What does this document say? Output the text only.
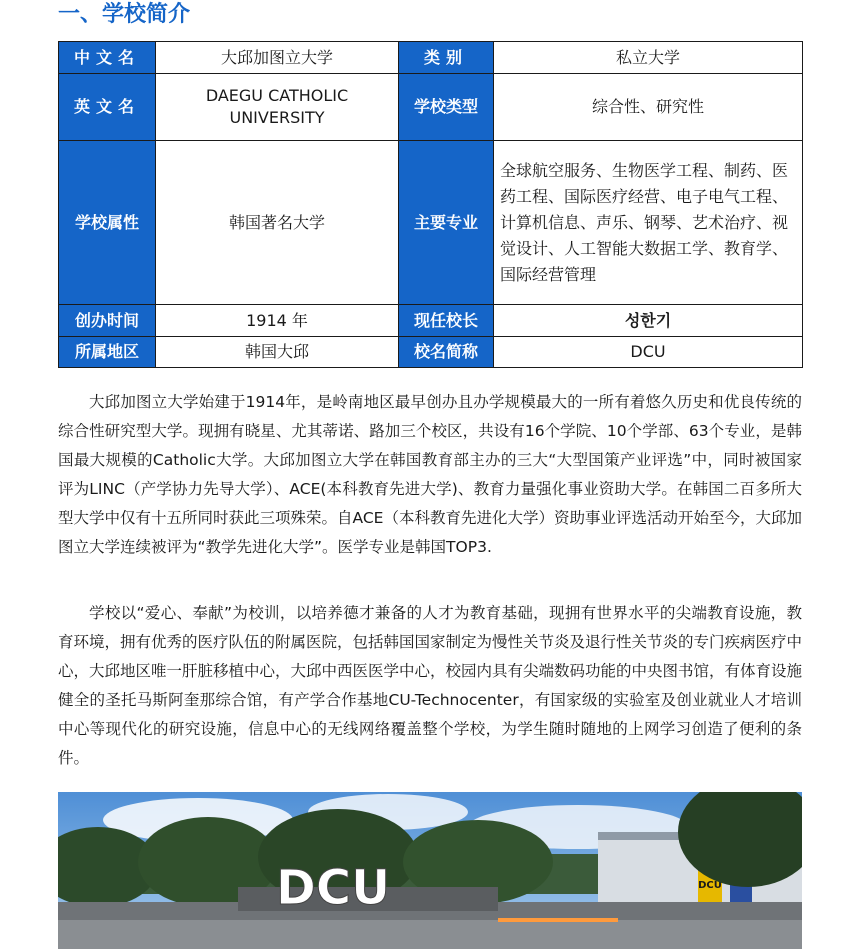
一、学校简介
中文名	大邱加图立大学	类别	私立大学
英文名	DAEGU CATHOLIC UNIVERSITY	学校类型	综合性、研究性
学校属性	韩国著名大学	主要专业	全球航空服务、生物医学工程、制药、医药工程、国际医疗经营、电子电气工程、计算机信息、声乐、钢琴、艺术治疗、视觉设计、人工智能大数据工学、教育学、国际经营管理
创办时间	1914 年	现任校长	성한기
所属地区	韩国大邱	校名简称	DCU

大邱加图立大学始建于1914年，是岭南地区最早创办且办学规模最大的一所有着悠久历史和优良传统的综合性研究型大学。现拥有晓星、尤其蒂诺、路加三个校区，共设有16个学院、10个学部、63个专业，是韩国最大规模的Catholic大学。大邱加图立大学在韩国教育部主办的三大“大型国策产业评选”中，同时被国家评为LINC（产学协力先导大学）、ACE(本科教育先进大学)、教育力量强化事业资助大学。在韩国二百多所大型大学中仅有十五所同时获此三项殊荣。自ACE（本科教育先进化大学）资助事业评选活动开始至今，大邱加图立大学连续被评为“教学先进化大学”。医学专业是韩国TOP3.

学校以“爱心、奉献”为校训，以培养德才兼备的人才为教育基础，现拥有世界水平的尖端教育设施，教育环境，拥有优秀的医疗队伍的附属医院，包括韩国国家制定为慢性关节炎及退行性关节炎的专门疾病医疗中心，大邱地区唯一肝脏移植中心，大邱中西医医学中心，校园内具有尖端数码功能的中央图书馆，有体育设施健全的圣托马斯阿奎那综合馆，有产学合作基地CU-Technocenter，有国家级的实验室及创业就业人才培训中心等现代化的研究设施，信息中心的无线网络覆盖整个学校，为学生随时随地的上网学习创造了便利的条件。

DCU
DCU
